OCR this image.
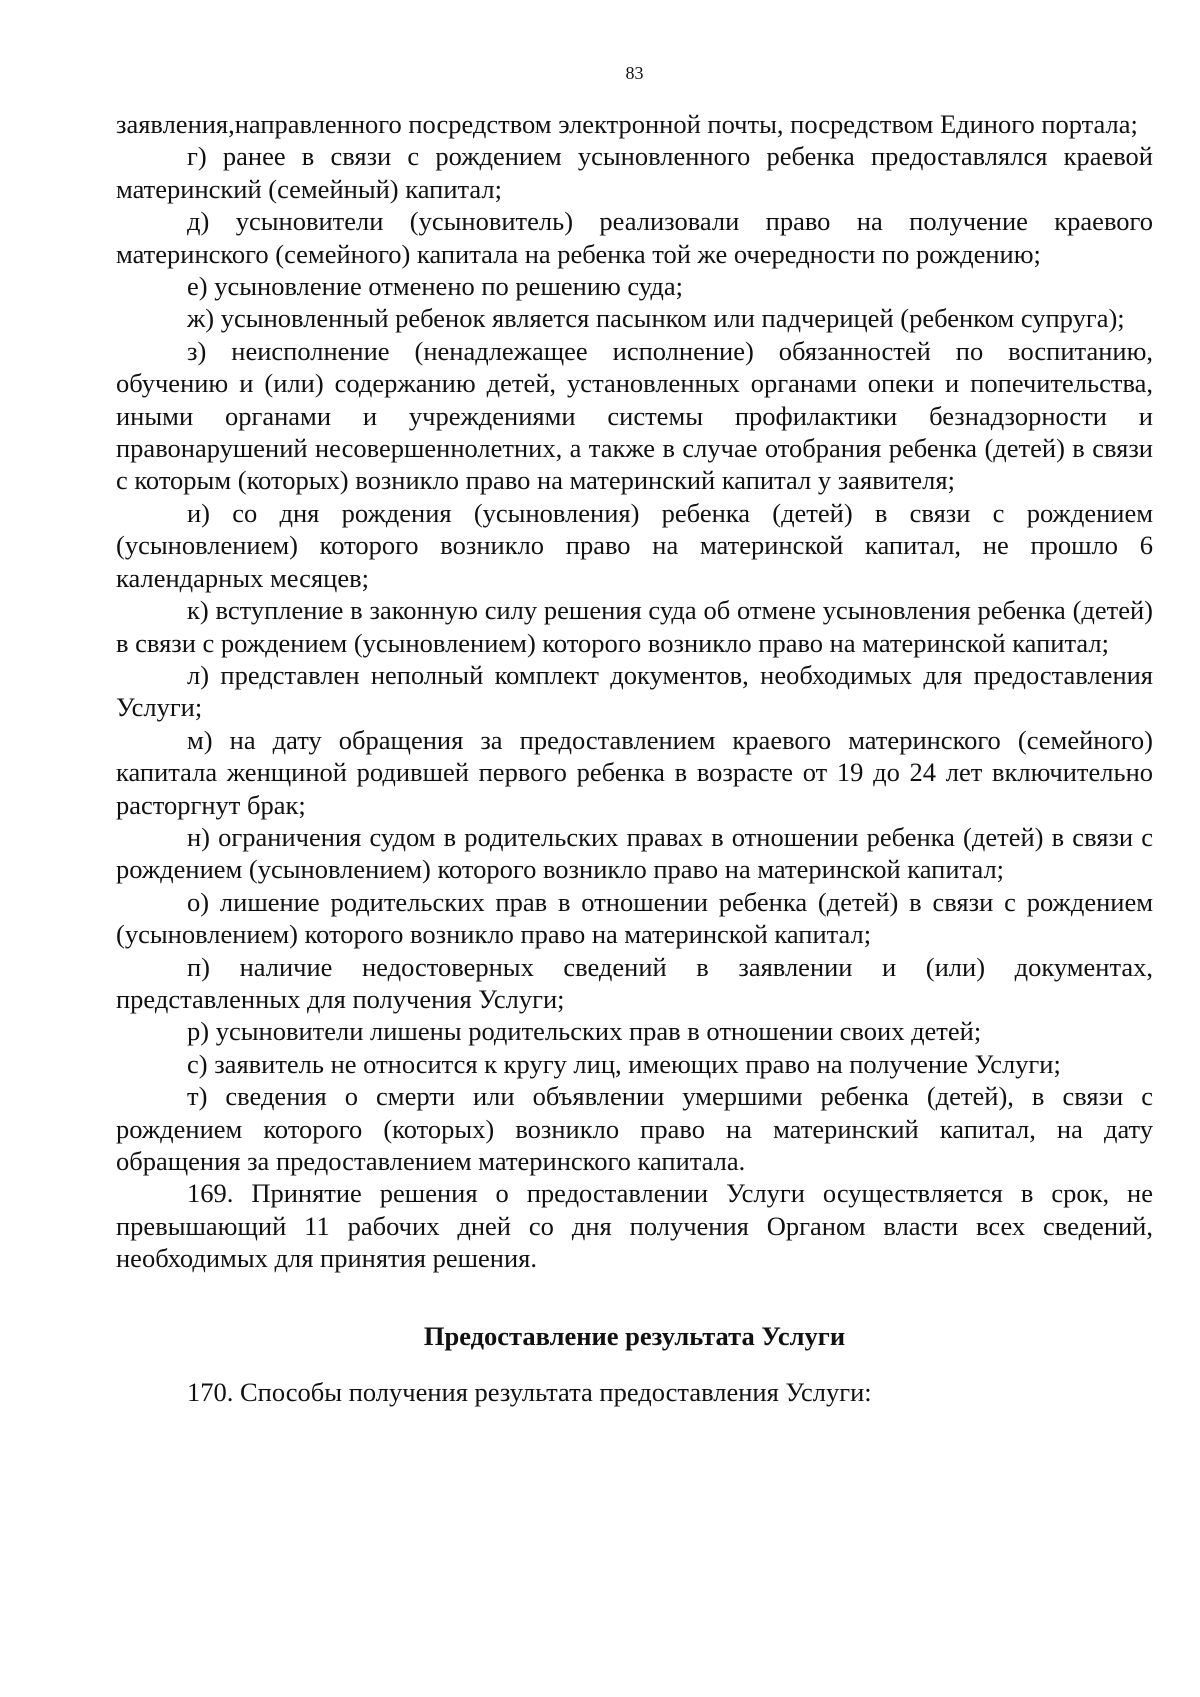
83

заявления,направленного посредством электронной почты, посредством Единого портала;

г) ранее в связи с рождением усыновленного ребенка предоставлялся краевой материнский (семейный) капитал;

д) усыновители (усыновитель) реализовали право на получение краевого материнского (семейного) капитала на ребенка той же очередности по рождению;

е) усыновление отменено по решению суда;

ж) усыновленный ребенок является пасынком или падчерицей (ребенком супруга);

з) неисполнение (ненадлежащее исполнение) обязанностей по воспитанию, обучению и (или) содержанию детей, установленных органами опеки и попечительства, иными органами и учреждениями системы профилактики безнадзорности и правонарушений несовершеннолетних, а также в случае отобрания ребенка (детей) в связи с которым (которых) возникло право на материнский капитал у заявителя;

и) со дня рождения (усыновления) ребенка (детей) в связи с рождением (усыновлением) которого возникло право на материнской капитал, не прошло 6 календарных месяцев;

к) вступление в законную силу решения суда об отмене усыновления ребенка (детей) в связи с рождением (усыновлением) которого возникло право на материнской капитал;

л) представлен неполный комплект документов, необходимых для предоставления Услуги;

м) на дату обращения за предоставлением краевого материнского (семейного) капитала женщиной родившей первого ребенка в возрасте от 19 до 24 лет включительно расторгнут брак;

н) ограничения судом в родительских правах в отношении ребенка (детей) в связи с рождением (усыновлением) которого возникло право на материнской капитал;

о) лишение родительских прав в отношении ребенка (детей) в связи с рождением (усыновлением) которого возникло право на материнской капитал;

п) наличие недостоверных сведений в заявлении и (или) документах, представленных для получения Услуги;

р) усыновители лишены родительских прав в отношении своих детей;

с) заявитель не относится к кругу лиц, имеющих право на получение Услуги;

т) сведения о смерти или объявлении умершими ребенка (детей), в связи с рождением которого (которых) возникло право на материнский капитал, на дату обращения за предоставлением материнского капитала.

169. Принятие решения о предоставлении Услуги осуществляется в срок, не превышающий 11 рабочих дней со дня получения Органом власти всех сведений, необходимых для принятия решения.

Предоставление результата Услуги

170. Способы получения результата предоставления Услуги:
